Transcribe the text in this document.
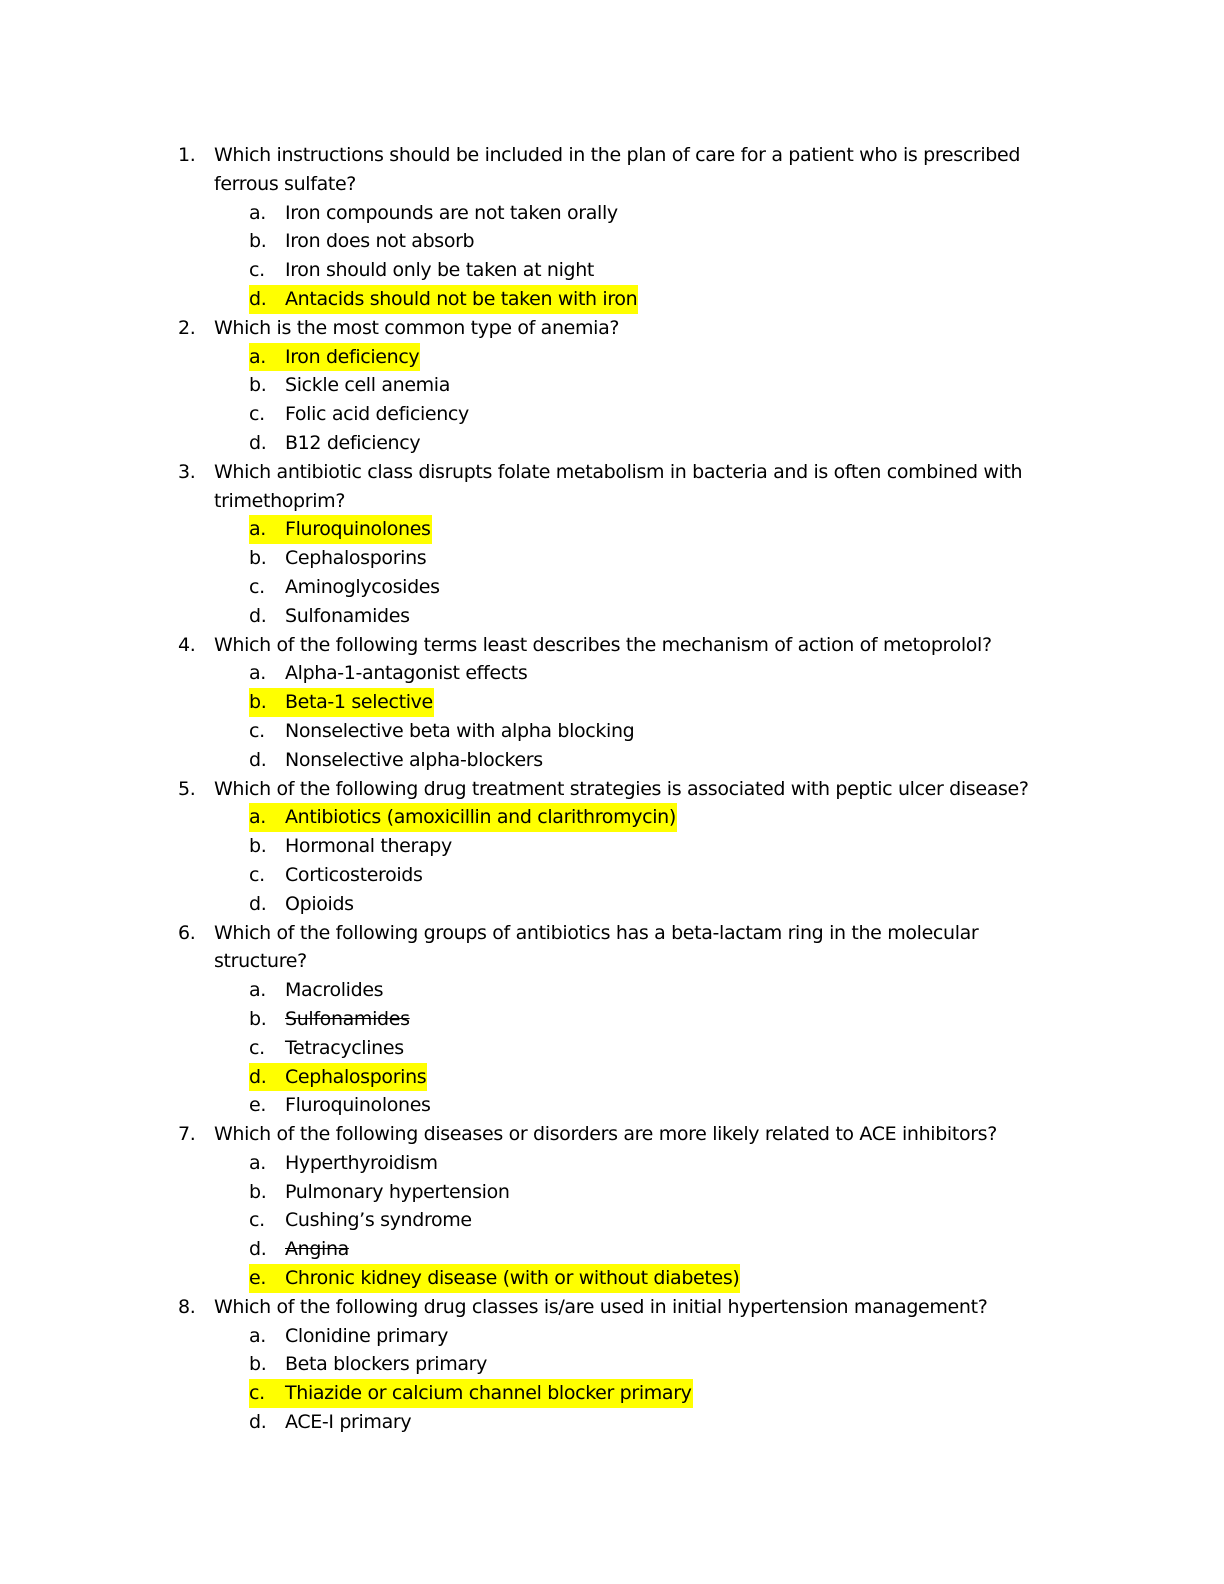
1. Which instructions should be included in the plan of care for a patient who is prescribed ferrous sulfate?
a. Iron compounds are not taken orally
b. Iron does not absorb
c. Iron should only be taken at night
d. Antacids should not be taken with iron
2. Which is the most common type of anemia?
a. Iron deficiency
b. Sickle cell anemia
c. Folic acid deficiency
d. B12 deficiency
3. Which antibiotic class disrupts folate metabolism in bacteria and is often combined with trimethoprim?
a. Fluroquinolones
b. Cephalosporins
c. Aminoglycosides
d. Sulfonamides
4. Which of the following terms least describes the mechanism of action of metoprolol?
a. Alpha-1-antagonist effects
b. Beta-1 selective
c. Nonselective beta with alpha blocking
d. Nonselective alpha-blockers
5. Which of the following drug treatment strategies is associated with peptic ulcer disease?
a. Antibiotics (amoxicillin and clarithromycin)
b. Hormonal therapy
c. Corticosteroids
d. Opioids
6. Which of the following groups of antibiotics has a beta-lactam ring in the molecular structure?
a. Macrolides
b. Sulfonamides
c. Tetracyclines
d. Cephalosporins
e. Fluroquinolones
7. Which of the following diseases or disorders are more likely related to ACE inhibitors?
a. Hyperthyroidism
b. Pulmonary hypertension
c. Cushing’s syndrome
d. Angina
e. Chronic kidney disease (with or without diabetes)
8. Which of the following drug classes is/are used in initial hypertension management?
a. Clonidine primary
b. Beta blockers primary
c. Thiazide or calcium channel blocker primary
d. ACE-I primary
